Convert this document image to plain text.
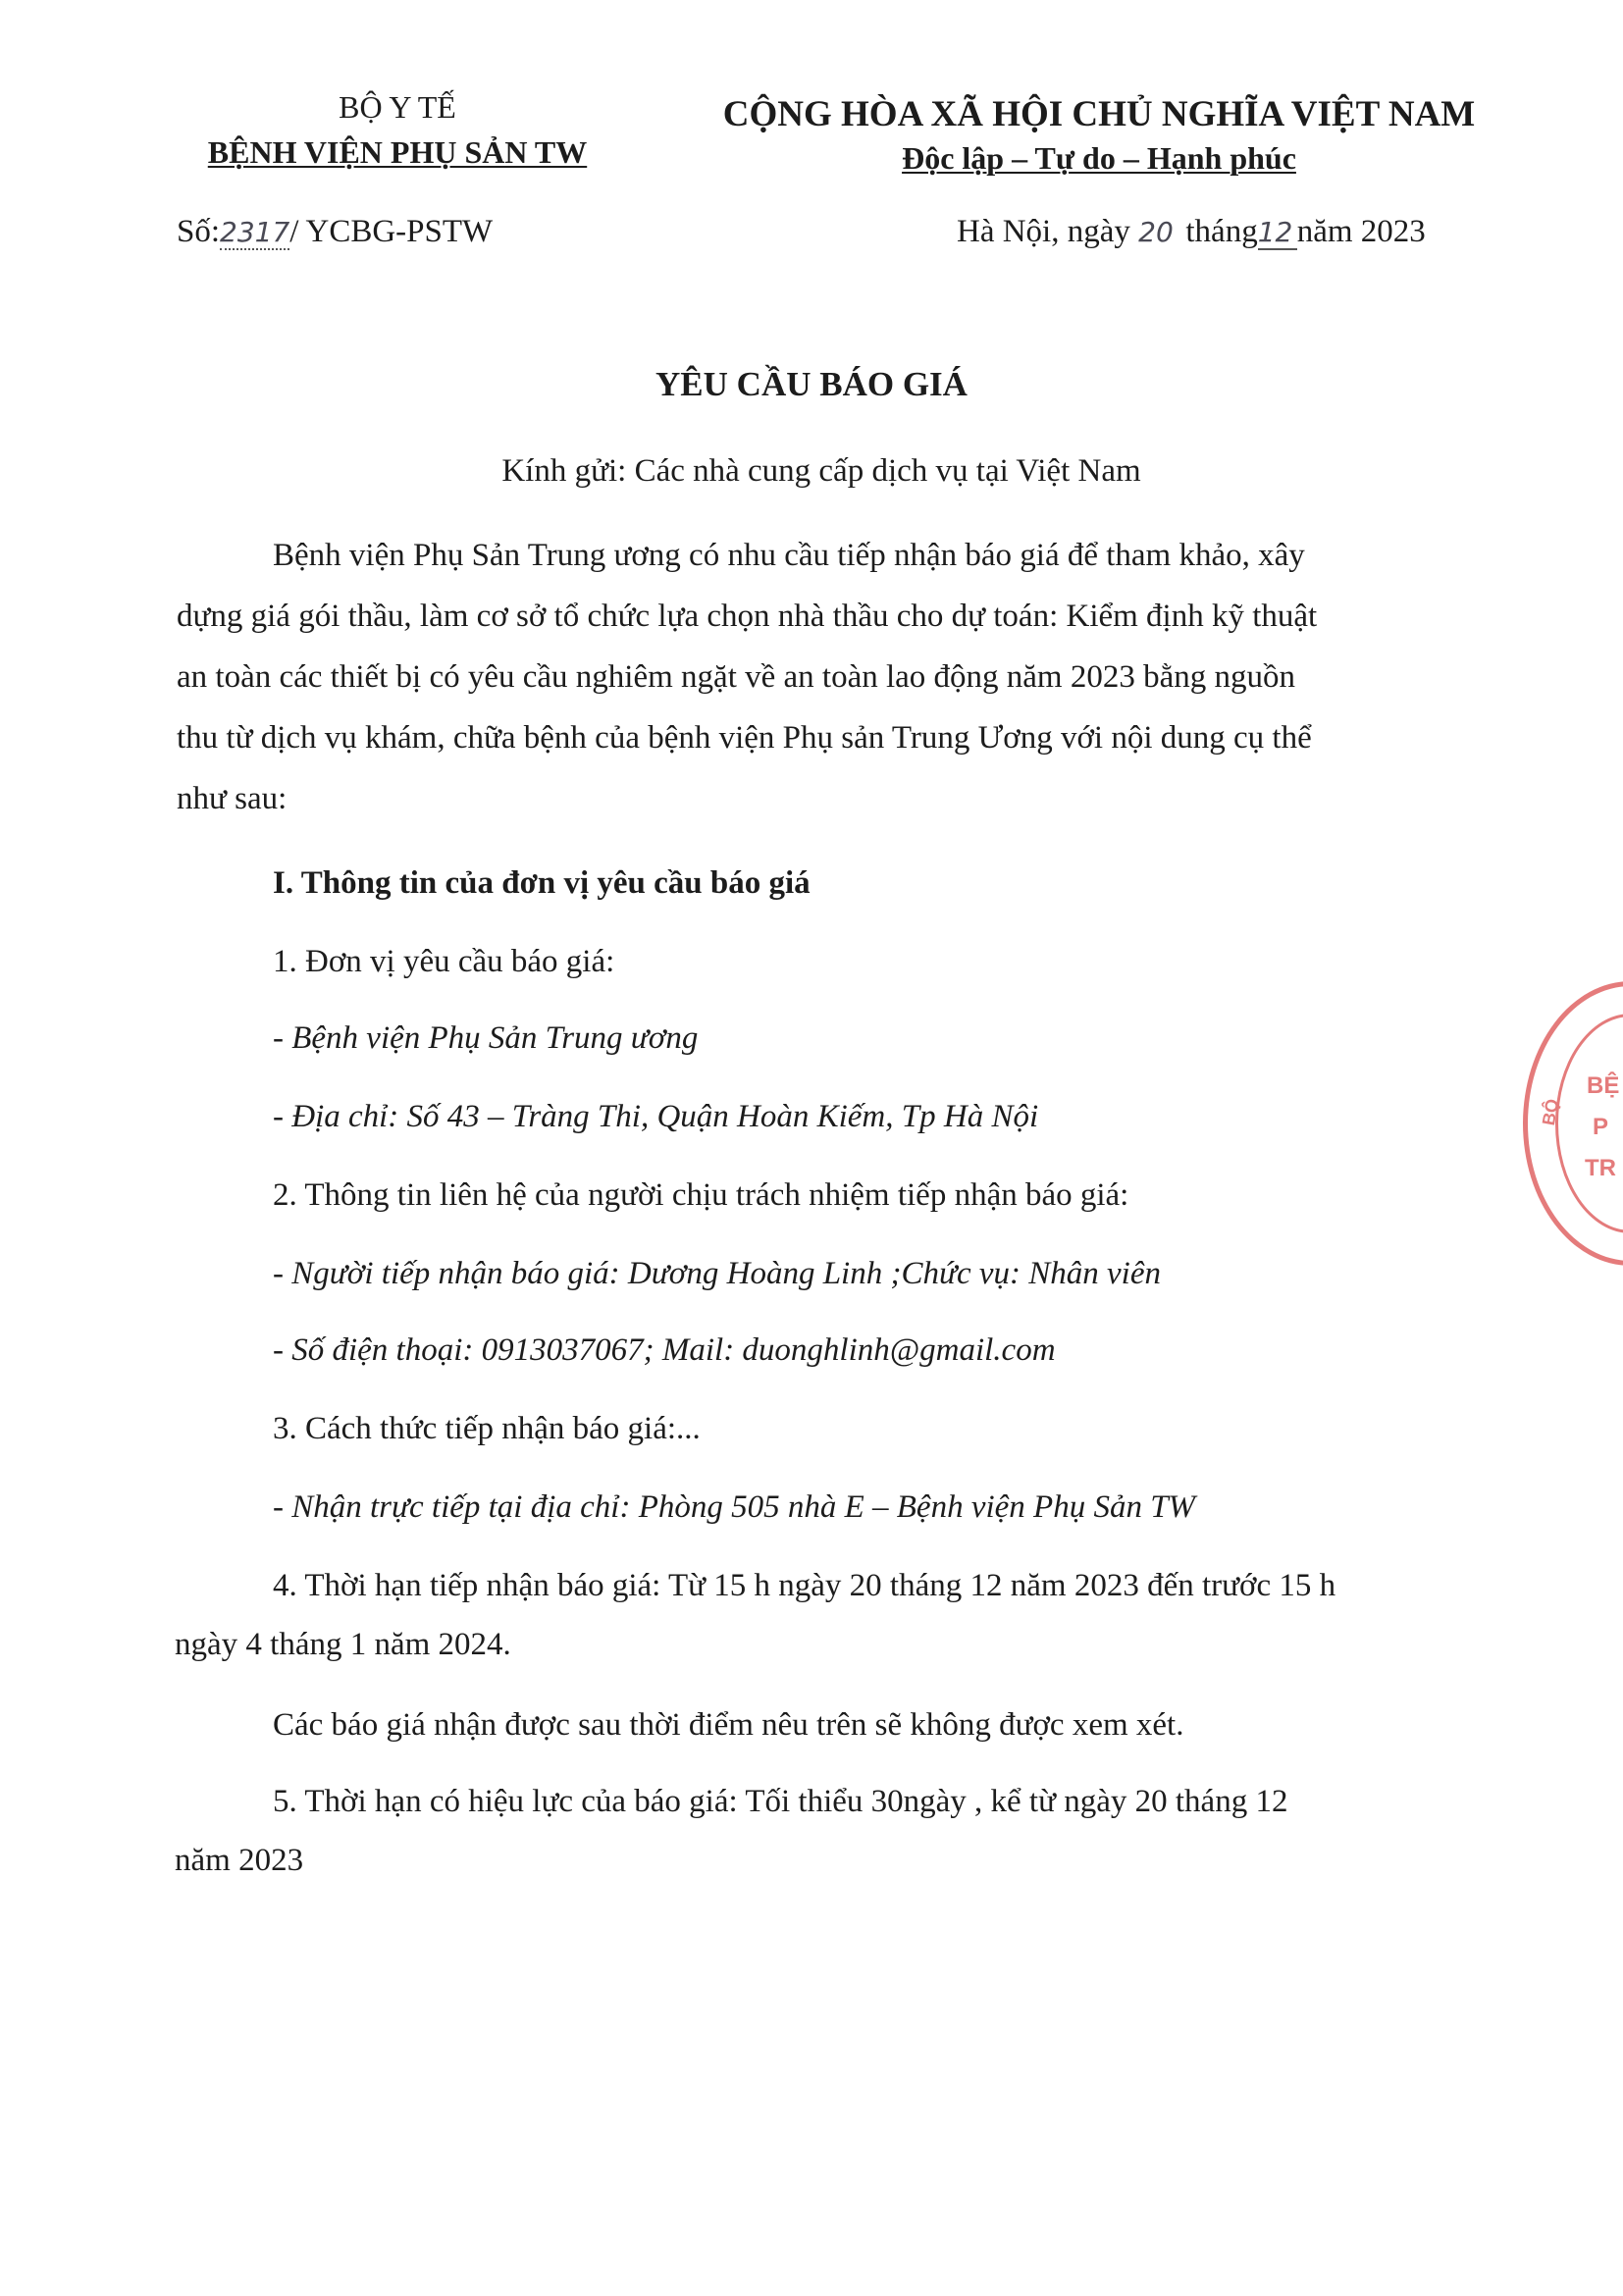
BỘ Y TẾ
BỆNH VIỆN PHỤ SẢN TW
CỘNG HÒA XÃ HỘI CHỦ NGHĨA VIỆT NAM
Độc lập – Tự do – Hạnh phúc
Số:2317/ YCBG-PSTW	Hà Nội, ngày 20 tháng12 năm 2023
YÊU CẦU BÁO GIÁ
Kính gửi: Các nhà cung cấp dịch vụ tại Việt Nam
Bệnh viện Phụ Sản Trung ương có nhu cầu tiếp nhận báo giá để tham khảo, xây
dựng giá gói thầu, làm cơ sở tổ chức lựa chọn nhà thầu cho dự toán: Kiểm định kỹ thuật
an toàn các thiết bị có yêu cầu nghiêm ngặt về an toàn lao động năm 2023 bằng nguồn
thu từ dịch vụ khám, chữa bệnh của bệnh viện Phụ sản Trung Ương với nội dung cụ thể
như sau:
I. Thông tin của đơn vị yêu cầu báo giá
1. Đơn vị yêu cầu báo giá:
- Bệnh viện Phụ Sản Trung ương
- Địa chỉ: Số 43 – Tràng Thi, Quận Hoàn Kiếm, Tp Hà Nội
2. Thông tin liên hệ của người chịu trách nhiệm tiếp nhận báo giá:
- Người tiếp nhận báo giá: Dương Hoàng Linh ;Chức vụ: Nhân viên
- Số điện thoại: 0913037067; Mail: duonghlinh@gmail.com
3. Cách thức tiếp nhận báo giá:...
- Nhận trực tiếp tại địa chỉ: Phòng 505 nhà E – Bệnh viện Phụ Sản TW
4. Thời hạn tiếp nhận báo giá: Từ 15 h ngày 20 tháng 12 năm 2023 đến trước 15 h
ngày 4 tháng 1 năm 2024.
Các báo giá nhận được sau thời điểm nêu trên sẽ không được xem xét.
5. Thời hạn có hiệu lực của báo giá: Tối thiểu 30ngày , kể từ ngày 20 tháng 12
năm 2023
BỘ
BỆ
P
TR
